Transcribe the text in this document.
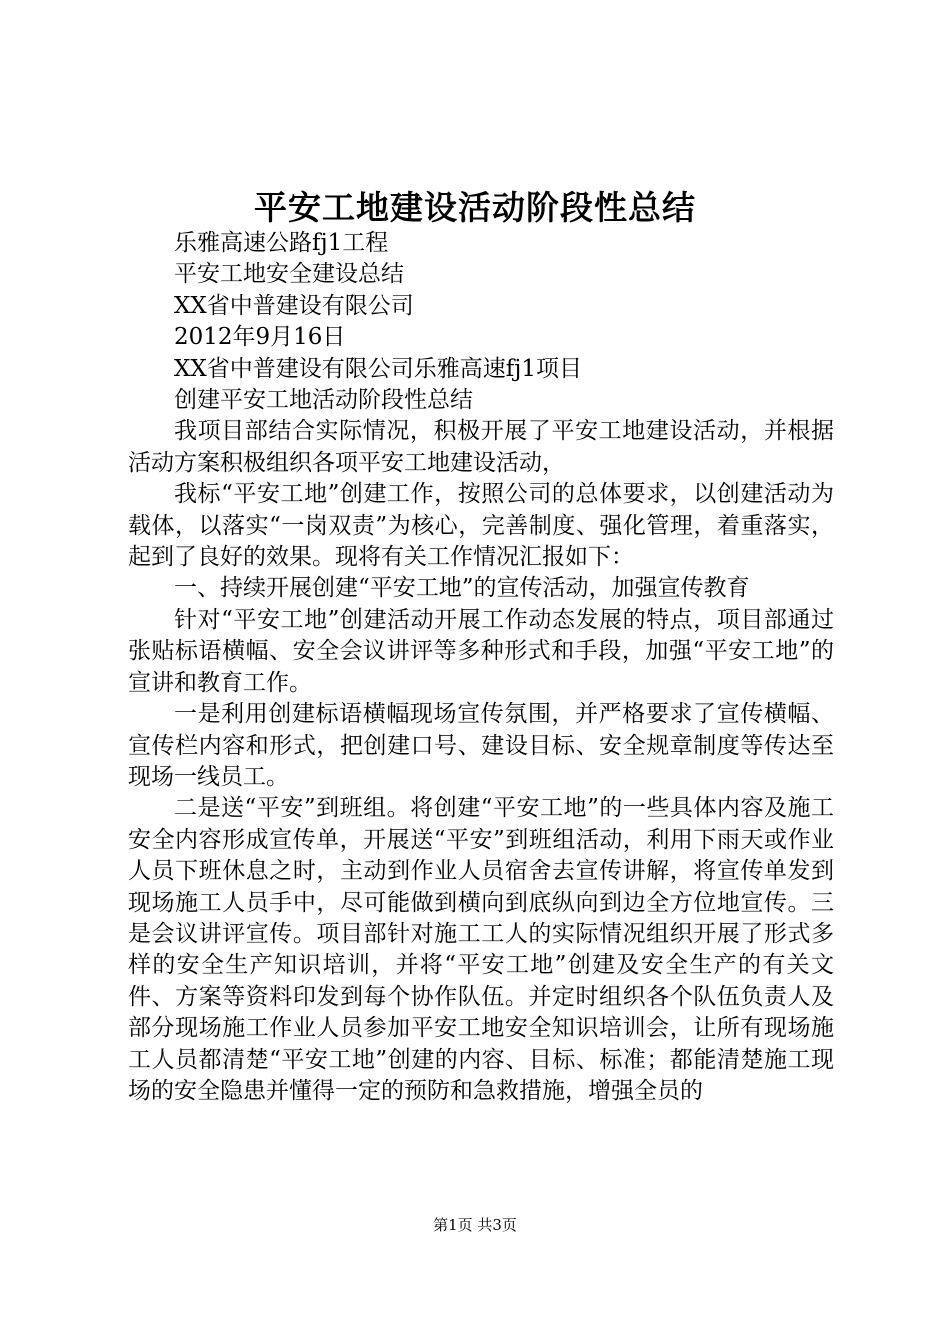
平安工地建设活动阶段性总结

乐雅高速公路fj1工程

平安工地安全建设总结

XX省中普建设有限公司

2012年9月16日

XX省中普建设有限公司乐雅高速fj1项目

创建平安工地活动阶段性总结

我项目部结合实际情况，积极开展了平安工地建设活动，并根据活动方案积极组织各项平安工地建设活动，

我标“平安工地”创建工作，按照公司的总体要求，以创建活动为载体，以落实“一岗双责”为核心，完善制度、强化管理，着重落实，起到了良好的效果。现将有关工作情况汇报如下：

一、持续开展创建“平安工地”的宣传活动，加强宣传教育

针对“平安工地”创建活动开展工作动态发展的特点，项目部通过张贴标语横幅、安全会议讲评等多种形式和手段，加强“平安工地”的宣讲和教育工作。

一是利用创建标语横幅现场宣传氛围，并严格要求了宣传横幅、宣传栏内容和形式，把创建口号、建设目标、安全规章制度等传达至现场一线员工。

二是送“平安”到班组。将创建“平安工地”的一些具体内容及施工安全内容形成宣传单，开展送“平安”到班组活动，利用下雨天或作业人员下班休息之时，主动到作业人员宿舍去宣传讲解，将宣传单发到现场施工人员手中，尽可能做到横向到底纵向到边全方位地宣传。三是会议讲评宣传。项目部针对施工工人的实际情况组织开展了形式多样的安全生产知识培训，并将“平安工地”创建及安全生产的有关文件、方案等资料印发到每个协作队伍。并定时组织各个队伍负责人及部分现场施工作业人员参加平安工地安全知识培训会，让所有现场施工人员都清楚“平安工地”创建的内容、目标、标准；都能清楚施工现场的安全隐患并懂得一定的预防和急救措施，增强全员的

第1页 共3页
